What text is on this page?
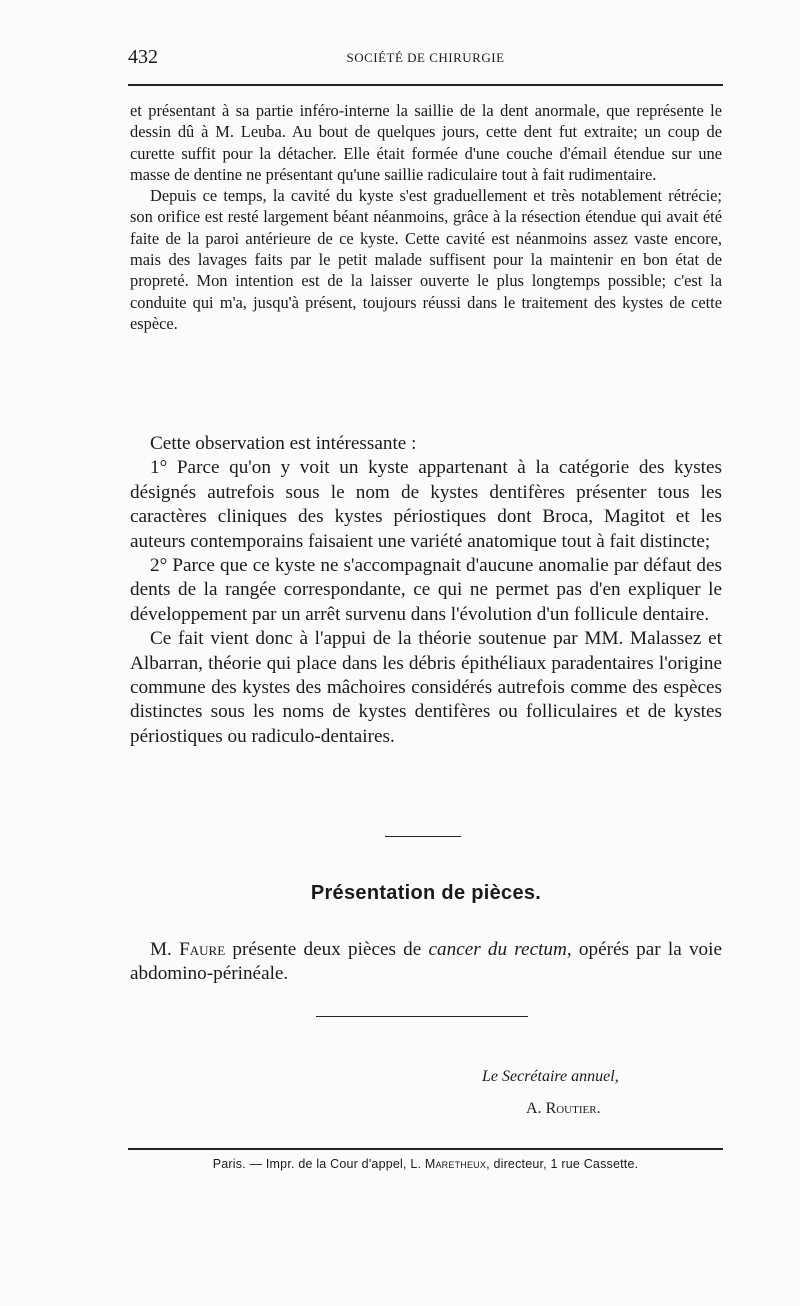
432	SOCIÉTÉ DE CHIRURGIE

et présentant à sa partie inféro-interne la saillie de la dent anormale, que représente le dessin dû à M. Leuba. Au bout de quelques jours, cette dent fut extraite; un coup de curette suffit pour la détacher. Elle était formée d'une couche d'émail étendue sur une masse de dentine ne présentant qu'une saillie radiculaire tout à fait rudimentaire.

Depuis ce temps, la cavité du kyste s'est graduellement et très notablement rétrécie; son orifice est resté largement béant néanmoins, grâce à la résection étendue qui avait été faite de la paroi antérieure de ce kyste. Cette cavité est néanmoins assez vaste encore, mais des lavages faits par le petit malade suffisent pour la maintenir en bon état de propreté. Mon intention est de la laisser ouverte le plus longtemps possible; c'est la conduite qui m'a, jusqu'à présent, toujours réussi dans le traitement des kystes de cette espèce.

Cette observation est intéressante :

1° Parce qu'on y voit un kyste appartenant à la catégorie des kystes désignés autrefois sous le nom de kystes dentifères présenter tous les caractères cliniques des kystes périostiques dont Broca, Magitot et les auteurs contemporains faisaient une variété anatomique tout à fait distincte;

2° Parce que ce kyste ne s'accompagnait d'aucune anomalie par défaut des dents de la rangée correspondante, ce qui ne permet pas d'en expliquer le développement par un arrêt survenu dans l'évolution d'un follicule dentaire.

Ce fait vient donc à l'appui de la théorie soutenue par MM. Malassez et Albarran, théorie qui place dans les débris épithéliaux paradentaires l'origine commune des kystes des mâchoires considérés autrefois comme des espèces distinctes sous les noms de kystes dentifères ou folliculaires et de kystes périostiques ou radiculo-dentaires.

Présentation de pièces.

M. Faure présente deux pièces de cancer du rectum, opérés par la voie abdomino-périnéale.

Le Secrétaire annuel,
A. Routier.
Paris. — Impr. de la Cour d'appel, L. Maretheux, directeur, 1 rue Cassette.
